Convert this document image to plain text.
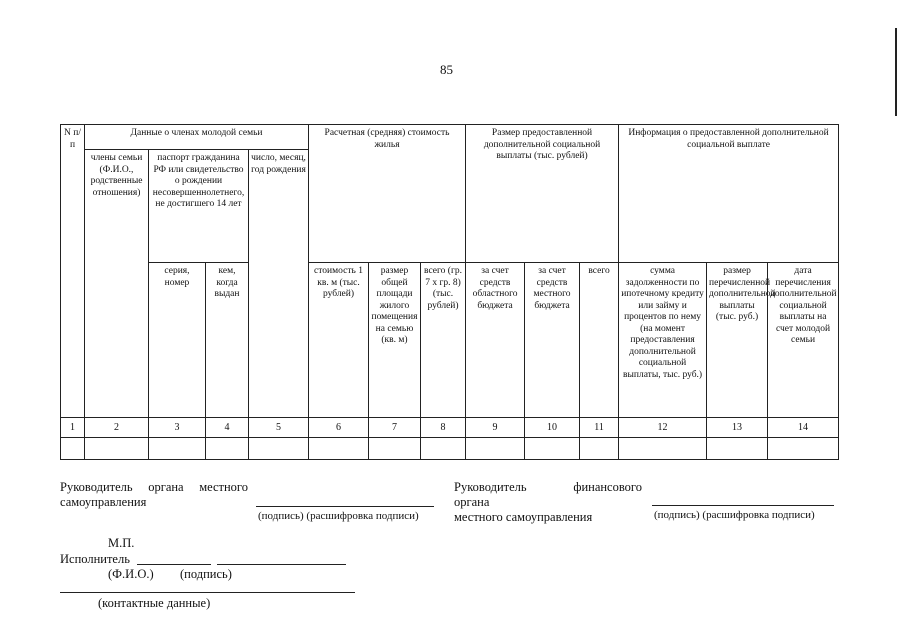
85
N п/п	Данные о членах молодой семьи				Расчетная (средняя) стоимость жилья			Размер предоставленной дополнительной социальной выплаты (тыс. рублей)			Информация о предоставленной дополнительной социальной выплате		
	члены семьи (Ф.И.О., родственные отношения)	паспорт гражданина РФ или свидетельство о рождении несовершеннолетнего, не достигшего 14 лет		число, месяц, год рождения									
		серия, номер	кем, когда выдан		стоимость 1 кв. м (тыс. рублей)	размер общей площади жилого помещения на семью (кв. м)	всего (гр. 7 х гр. 8) (тыс. рублей)	за счет средств областного бюджета	за счет средств местного бюджета	всего	сумма задолженности по ипотечному кредиту или займу и процентов по нему (на момент предоставления дополнительной социальной выплаты, тыс. руб.)	размер перечисленной дополнительной выплаты (тыс. руб.)	дата перечисления дополнительной социальной выплаты на счет молодой семьи
1	2	3	4	5	6	7	8	9	10	11	12	13	14

Руководитель органа местного
самоуправления
(подпись) (расшифровка подписи)
Руководитель финансового
органа
местного самоуправления	(подпись) (расшифровка подписи)
М.П.
Исполнитель
(Ф.И.О.) (подпись)
(контактные данные)
